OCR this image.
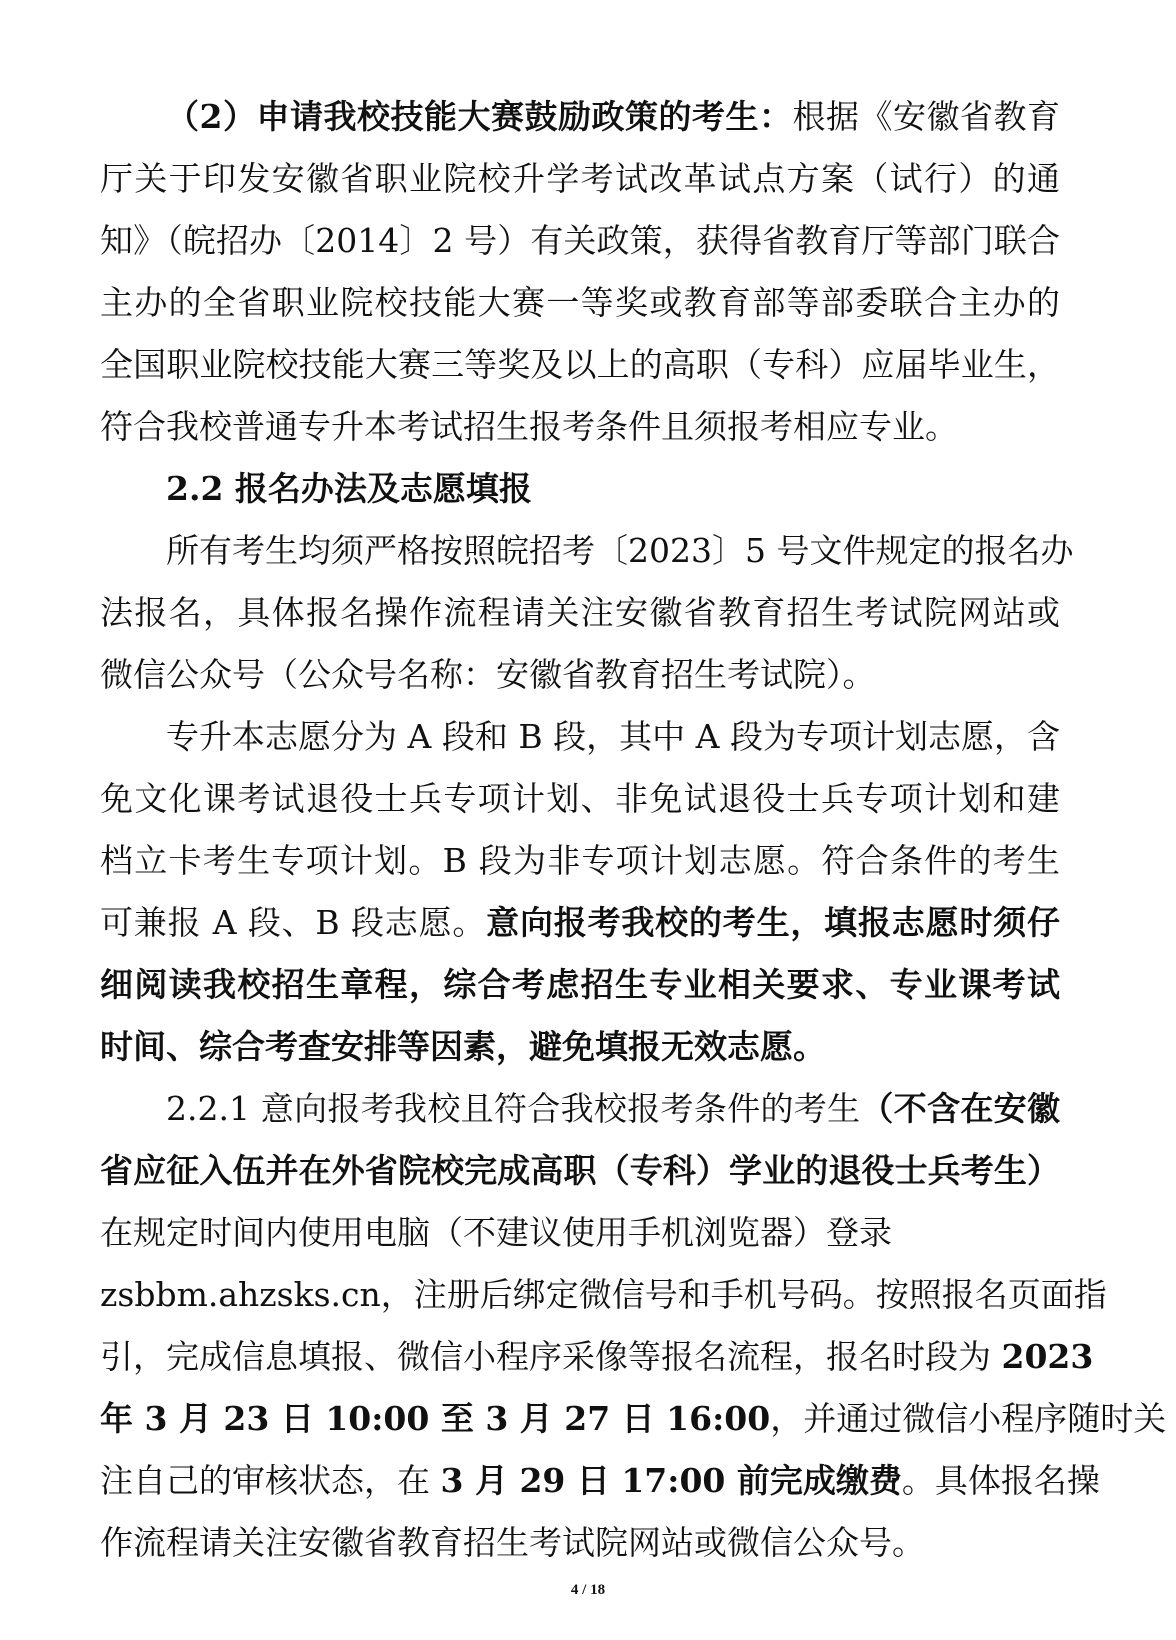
（2）申请我校技能大赛鼓励政策的考生：根据《安徽省教育
厅关于印发安徽省职业院校升学考试改革试点方案（试行）的通
知》（皖招办〔2014〕2 号）有关政策，获得省教育厅等部门联合
主办的全省职业院校技能大赛一等奖或教育部等部委联合主办的
全国职业院校技能大赛三等奖及以上的高职（专科）应届毕业生，
符合我校普通专升本考试招生报考条件且须报考相应专业。
2.2 报名办法及志愿填报
所有考生均须严格按照皖招考〔2023〕5 号文件规定的报名办
法报名，具体报名操作流程请关注安徽省教育招生考试院网站或
微信公众号（公众号名称：安徽省教育招生考试院）。
专升本志愿分为 A 段和 B 段，其中 A 段为专项计划志愿，含
免文化课考试退役士兵专项计划、非免试退役士兵专项计划和建
档立卡考生专项计划。B 段为非专项计划志愿。符合条件的考生
可兼报 A 段、B 段志愿。意向报考我校的考生，填报志愿时须仔
细阅读我校招生章程，综合考虑招生专业相关要求、专业课考试
时间、综合考查安排等因素，避免填报无效志愿。
2.2.1 意向报考我校且符合我校报考条件的考生（不含在安徽
省应征入伍并在外省院校完成高职（专科）学业的退役士兵考生）
在规定时间内使用电脑（不建议使用手机浏览器）登录
zsbbm.ahzsks.cn，注册后绑定微信号和手机号码。按照报名页面指
引，完成信息填报、微信小程序采像等报名流程，报名时段为 2023
年 3 月 23 日 10:00 至 3 月 27 日 16:00，并通过微信小程序随时关
注自己的审核状态，在 3 月 29 日 17:00 前完成缴费。具体报名操
作流程请关注安徽省教育招生考试院网站或微信公众号。
4 / 18
